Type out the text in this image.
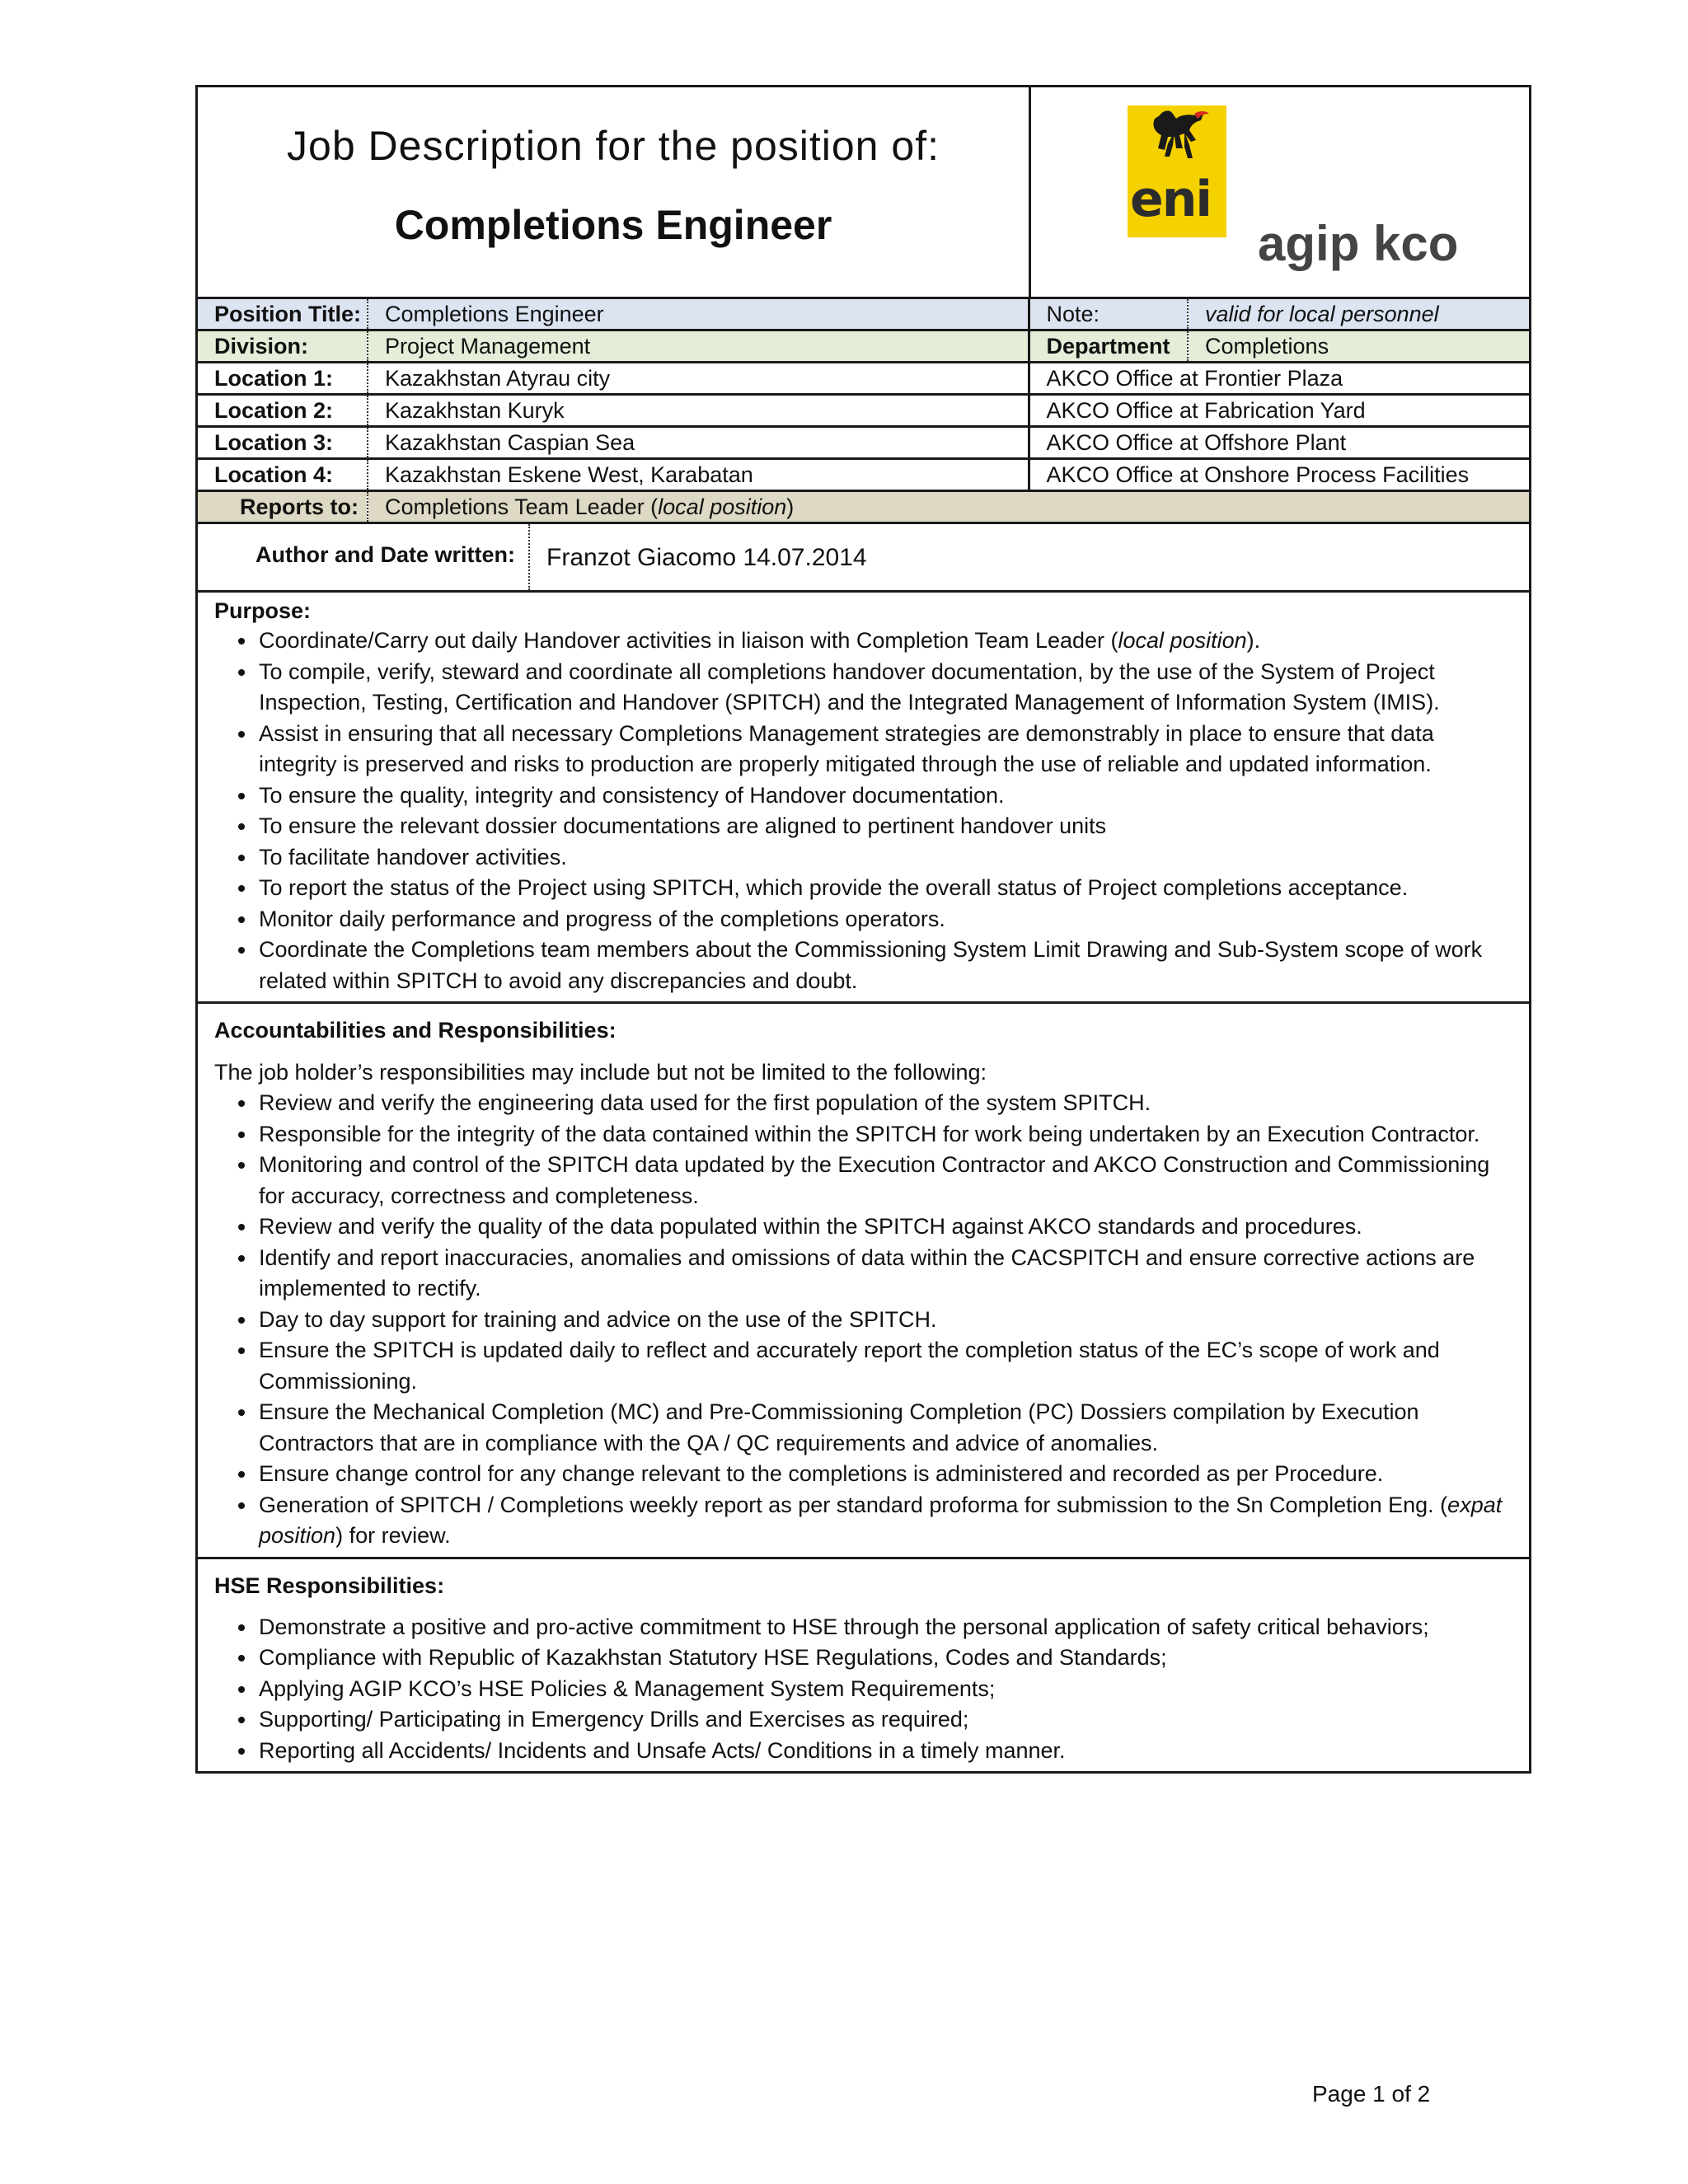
Job Description for the position of:
Completions Engineer	eni
agip kco
Position Title:	Completions Engineer	Note:	valid for local personnel
Division:	Project Management	Department	Completions
Location 1:	Kazakhstan Atyrau city	AKCO Office at Frontier Plaza	
Location 2:	Kazakhstan Kuryk	AKCO Office at Fabrication Yard	
Location 3:	Kazakhstan Caspian Sea	AKCO Office at Offshore Plant	
Location 4:	Kazakhstan Eskene West, Karabatan	AKCO Office at Onshore Process Facilities	
Reports to:	Completions Team Leader (local position)		
Author and Date written:	Franzot Giacomo 14.07.2014
Purpose:
• Coordinate/Carry out daily Handover activities in liaison with Completion Team Leader (local position).
• To compile, verify, steward and coordinate all completions handover documentation, by the use of the System of Project Inspection, Testing, Certification and Handover (SPITCH) and the Integrated Management of Information System (IMIS).
• Assist in ensuring that all necessary Completions Management strategies are demonstrably in place to ensure that data integrity is preserved and risks to production are properly mitigated through the use of reliable and updated information.
• To ensure the quality, integrity and consistency of Handover documentation.
• To ensure the relevant dossier documentations are aligned to pertinent handover units
• To facilitate handover activities.
• To report the status of the Project using SPITCH, which provide the overall status of Project completions acceptance.
• Monitor daily performance and progress of the completions operators.
• Coordinate the Completions team members about the Commissioning System Limit Drawing and Sub-System scope of work related within SPITCH to avoid any discrepancies and doubt.
Accountabilities and Responsibilities:
The job holder’s responsibilities may include but not be limited to the following:
• Review and verify the engineering data used for the first population of the system SPITCH.
• Responsible for the integrity of the data contained within the SPITCH for work being undertaken by an Execution Contractor.
• Monitoring and control of the SPITCH data updated by the Execution Contractor and AKCO Construction and Commissioning for accuracy, correctness and completeness.
• Review and verify the quality of the data populated within the SPITCH against AKCO standards and procedures.
• Identify and report inaccuracies, anomalies and omissions of data within the CACSPITCH and ensure corrective actions are implemented to rectify.
• Day to day support for training and advice on the use of the SPITCH.
• Ensure the SPITCH is updated daily to reflect and accurately report the completion status of the EC’s scope of work and Commissioning.
• Ensure the Mechanical Completion (MC) and Pre-Commissioning Completion (PC) Dossiers compilation by Execution Contractors that are in compliance with the QA / QC requirements and advice of anomalies.
• Ensure change control for any change relevant to the completions is administered and recorded as per Procedure.
• Generation of SPITCH / Completions weekly report as per standard proforma for submission to the Sn Completion Eng. (expat position) for review.
HSE Responsibilities:
• Demonstrate a positive and pro-active commitment to HSE through the personal application of safety critical behaviors;
• Compliance with Republic of Kazakhstan Statutory HSE Regulations, Codes and Standards;
• Applying AGIP KCO’s HSE Policies & Management System Requirements;
• Supporting/ Participating in Emergency Drills and Exercises as required;
• Reporting all Accidents/ Incidents and Unsafe Acts/ Conditions in a timely manner.
Page 1 of 2
